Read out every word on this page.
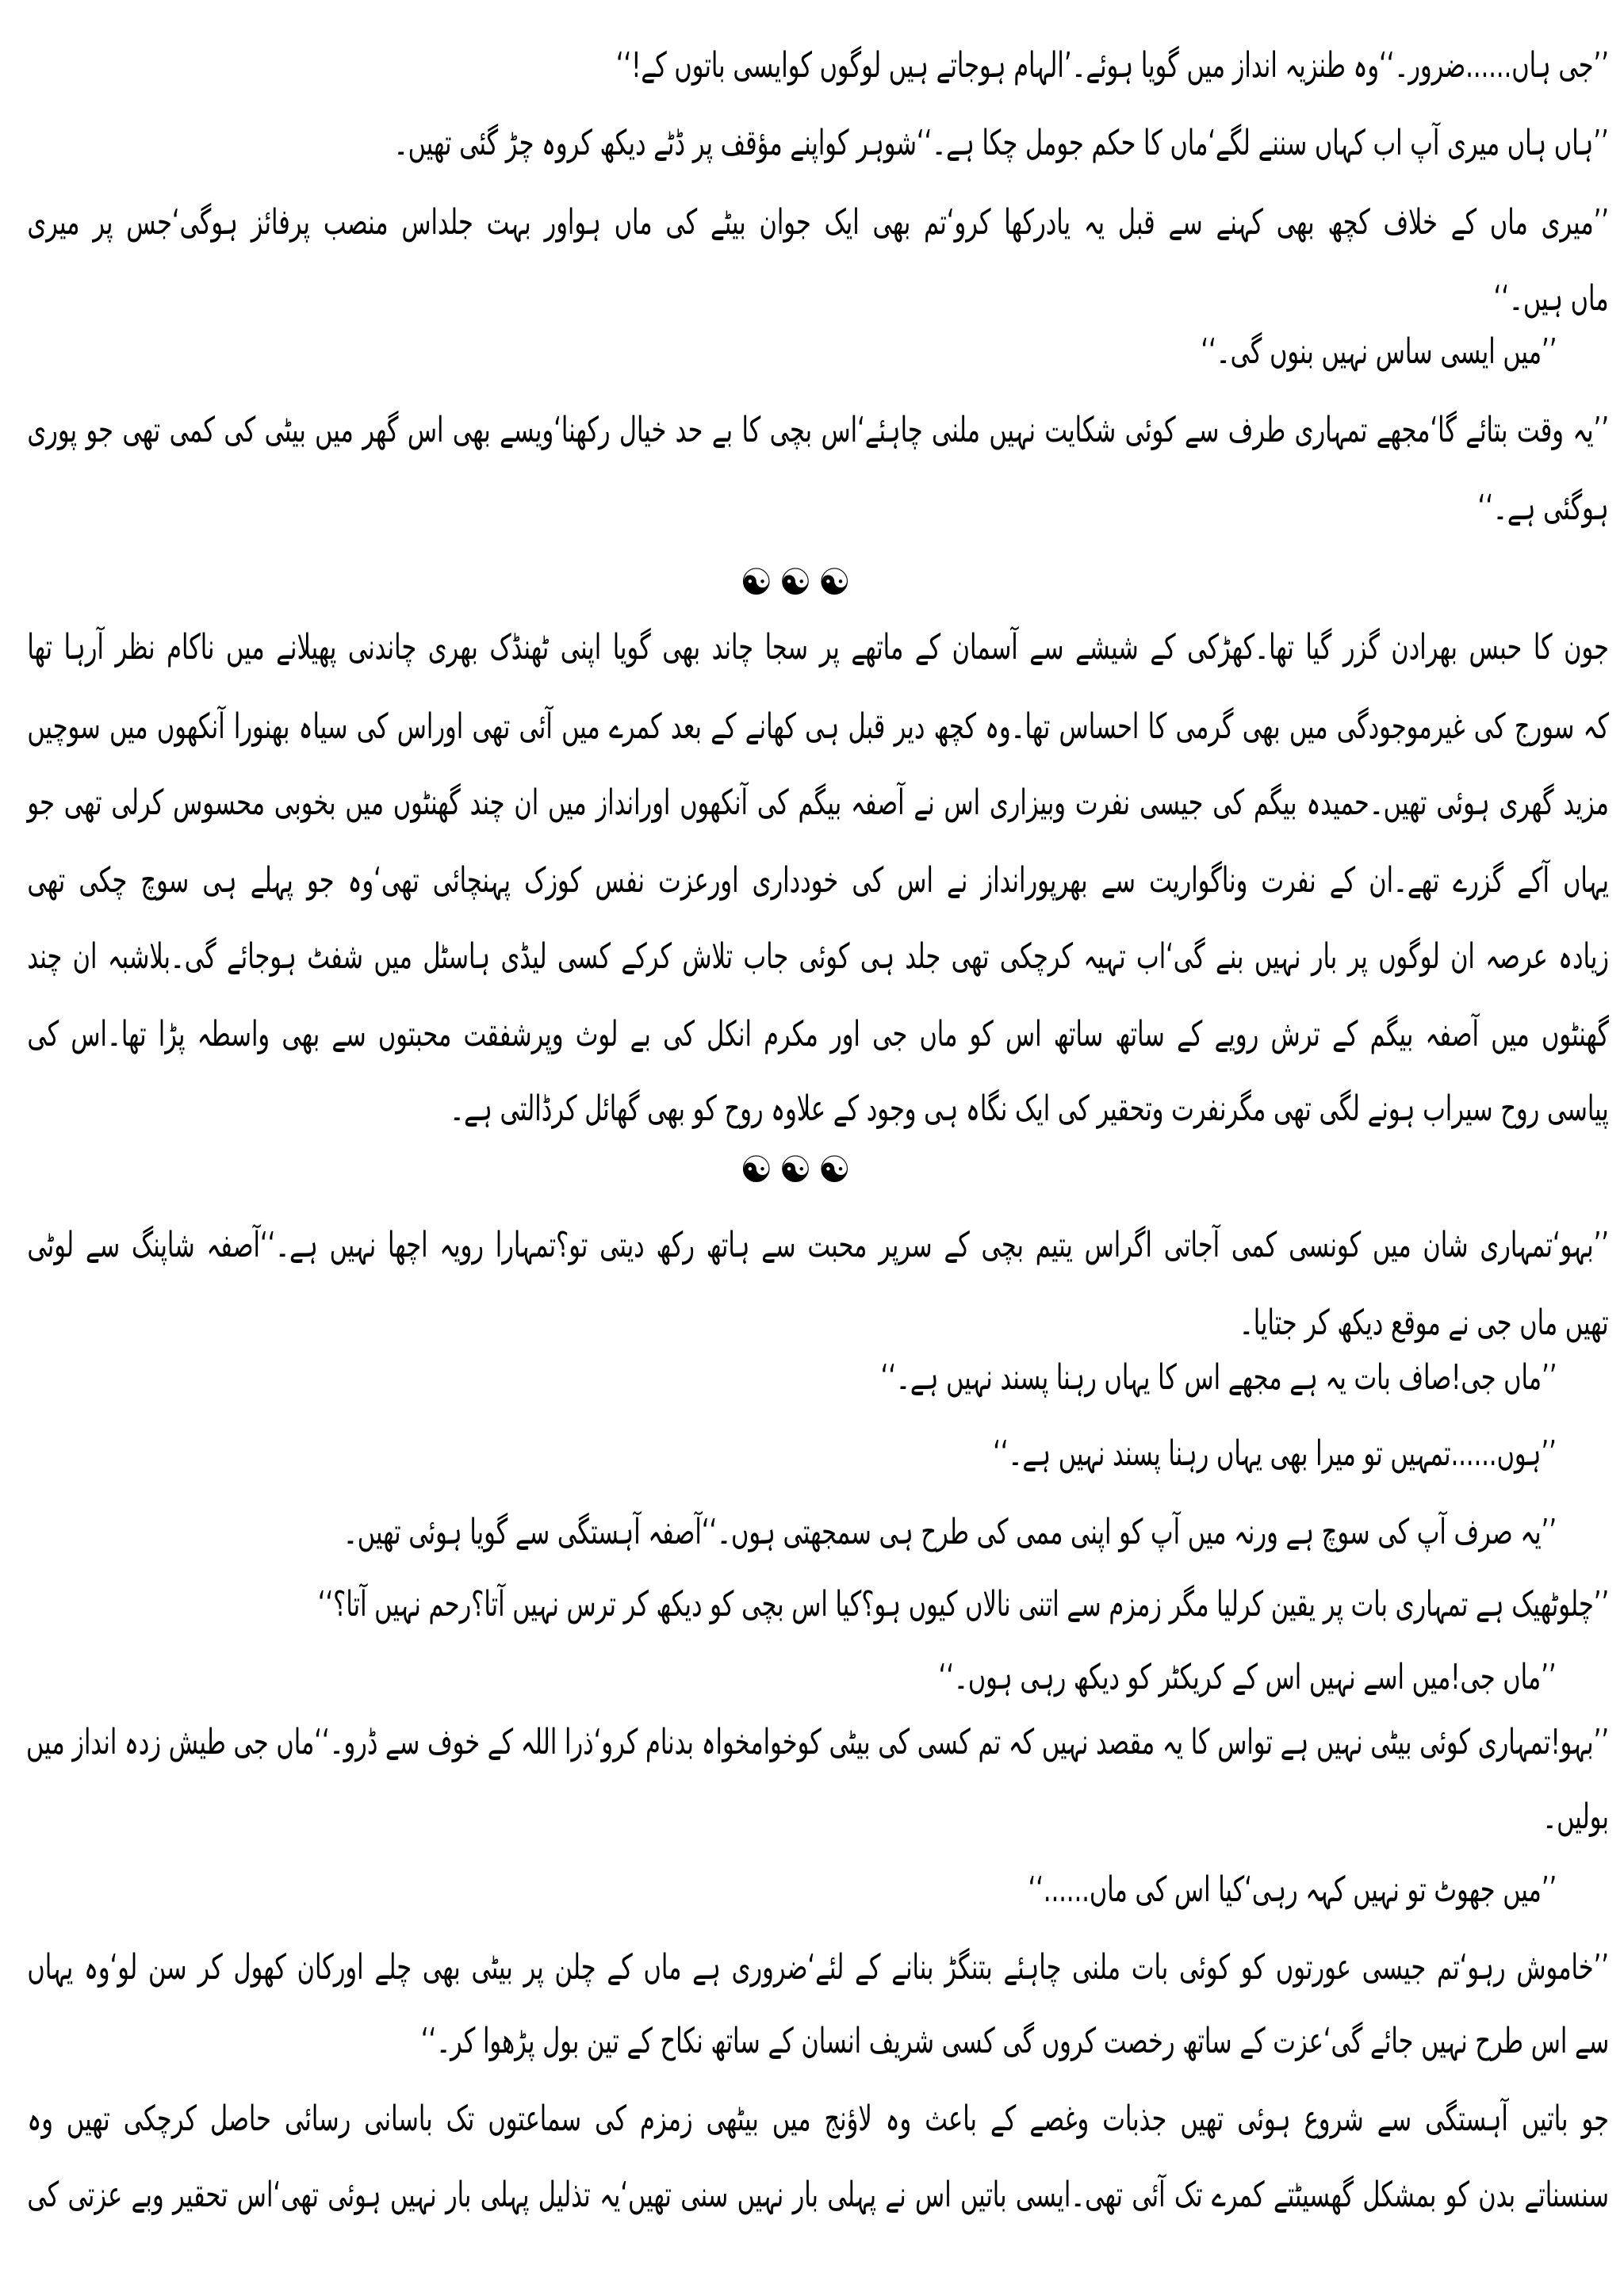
’’جی ہاں......ضرور۔‘‘وہ طنزیہ انداز میں گویا ہوئے۔’الہام ہوجاتے ہیں لوگوں کوایسی باتوں کے!‘‘
’’ہاں ہاں میری آپ اب کہاں سننے لگے‘ماں کا حکم جومل چکا ہے۔‘‘شوہر کواپنے مؤقف پر ڈٹے دیکھ کروہ چڑ گئی تھیں۔
’’میری ماں کے خلاف کچھ بھی کہنے سے قبل یہ یادرکھا کرو‘تم بھی ایک جوان بیٹے کی ماں ہواور بہت جلداس منصب پرفائز ہوگی‘جس پر میری
ماں ہیں۔‘‘
’’میں ایسی ساس نہیں بنوں گی۔‘‘
’’یہ وقت بتائے گا‘مجھے تمہاری طرف سے کوئی شکایت نہیں ملنی چاہئے‘اس بچی کا بے حد خیال رکھنا‘ویسے بھی اس گھر میں بیٹی کی کمی تھی جو پوری
ہوگئی ہے۔‘‘
☯
☯
☯
جون کا حبس بھرادن گزر گیا تھا۔کھڑکی کے شیشے سے آسمان کے ماتھے پر سجا چاند بھی گویا اپنی ٹھنڈک بھری چاندنی پھیلانے میں ناکام نظر آرہا تھا
کہ سورج کی غیرموجودگی میں بھی گرمی کا احساس تھا۔وہ کچھ دیر قبل ہی کھانے کے بعد کمرے میں آئی تھی اوراس کی سیاہ بھنورا آنکھوں میں سوچیں
مزید گھری ہوئی تھیں۔حمیدہ بیگم کی جیسی نفرت وبیزاری اس نے آصفہ بیگم کی آنکھوں اورانداز میں ان چند گھنٹوں میں بخوبی محسوس کرلی تھی جو
یہاں آکے گزرے تھے۔ان کے نفرت وناگواریت سے بھرپورانداز نے اس کی خودداری اورعزت نفس کوزک پہنچائی تھی‘وہ جو پہلے ہی سوچ چکی تھی
زیادہ عرصہ ان لوگوں پر بار نہیں بنے گی‘اب تہیہ کرچکی تھی جلد ہی کوئی جاب تلاش کرکے کسی لیڈی ہاسٹل میں شفٹ ہوجائے گی۔بلاشبہ ان چند
گھنٹوں میں آصفہ بیگم کے ترش رویے کے ساتھ ساتھ اس کو ماں جی اور مکرم انکل کی بے لوث وپرشفقت محبتوں سے بھی واسطہ پڑا تھا۔اس کی
پیاسی روح سیراب ہونے لگی تھی مگرنفرت وتحقیر کی ایک نگاہ ہی وجود کے علاوہ روح کو بھی گھائل کرڈالتی ہے۔
☯
☯
☯
’’بہو‘تمہاری شان میں کونسی کمی آجاتی اگراس یتیم بچی کے سرپر محبت سے ہاتھ رکھ دیتی تو؟تمہارا رویہ اچھا نہیں ہے۔‘‘آصفہ شاپنگ سے لوٹی
تھیں ماں جی نے موقع دیکھ کر جتایا۔
’’ماں جی!صاف بات یہ ہے مجھے اس کا یہاں رہنا پسند نہیں ہے۔‘‘
’’ہوں......تمہیں تو میرا بھی یہاں رہنا پسند نہیں ہے۔‘‘
’’یہ صرف آپ کی سوچ ہے ورنہ میں آپ کو اپنی ممی کی طرح ہی سمجھتی ہوں۔‘‘آصفہ آہستگی سے گویا ہوئی تھیں۔
’’چلوٹھیک ہے تمہاری بات پر یقین کرلیا مگر زمزم سے اتنی نالاں کیوں ہو؟کیا اس بچی کو دیکھ کر ترس نہیں آتا؟رحم نہیں آتا؟‘‘
’’ماں جی!میں اسے نہیں اس کے کریکٹر کو دیکھ رہی ہوں۔‘‘
’’بہو!تمہاری کوئی بیٹی نہیں ہے تواس کا یہ مقصد نہیں کہ تم کسی کی بیٹی کوخوامخواہ بدنام کرو‘ذرا اللہ کے خوف سے ڈرو۔‘‘ماں جی طیش زدہ انداز میں
بولیں۔
’’میں جھوٹ تو نہیں کہہ رہی‘کیا اس کی ماں......‘‘
’’خاموش رہو‘تم جیسی عورتوں کو کوئی بات ملنی چاہئے بتنگڑ بنانے کے لئے‘ضروری ہے ماں کے چلن پر بیٹی بھی چلے اورکان کھول کر سن لو‘وہ یہاں
سے اس طرح نہیں جائے گی‘عزت کے ساتھ رخصت کروں گی کسی شریف انسان کے ساتھ نکاح کے تین بول پڑھوا کر۔‘‘
جو باتیں آہستگی سے شروع ہوئی تھیں جذبات وغصے کے باعث وہ لاؤنج میں بیٹھی زمزم کی سماعتوں تک باسانی رسائی حاصل کرچکی تھیں وہ
سنسناتے بدن کو بمشکل گھسیٹتے کمرے تک آئی تھی۔ایسی باتیں اس نے پہلی بار نہیں سنی تھیں‘یہ تذلیل پہلی بار نہیں ہوئی تھی‘اس تحقیر وبے عزتی کی
